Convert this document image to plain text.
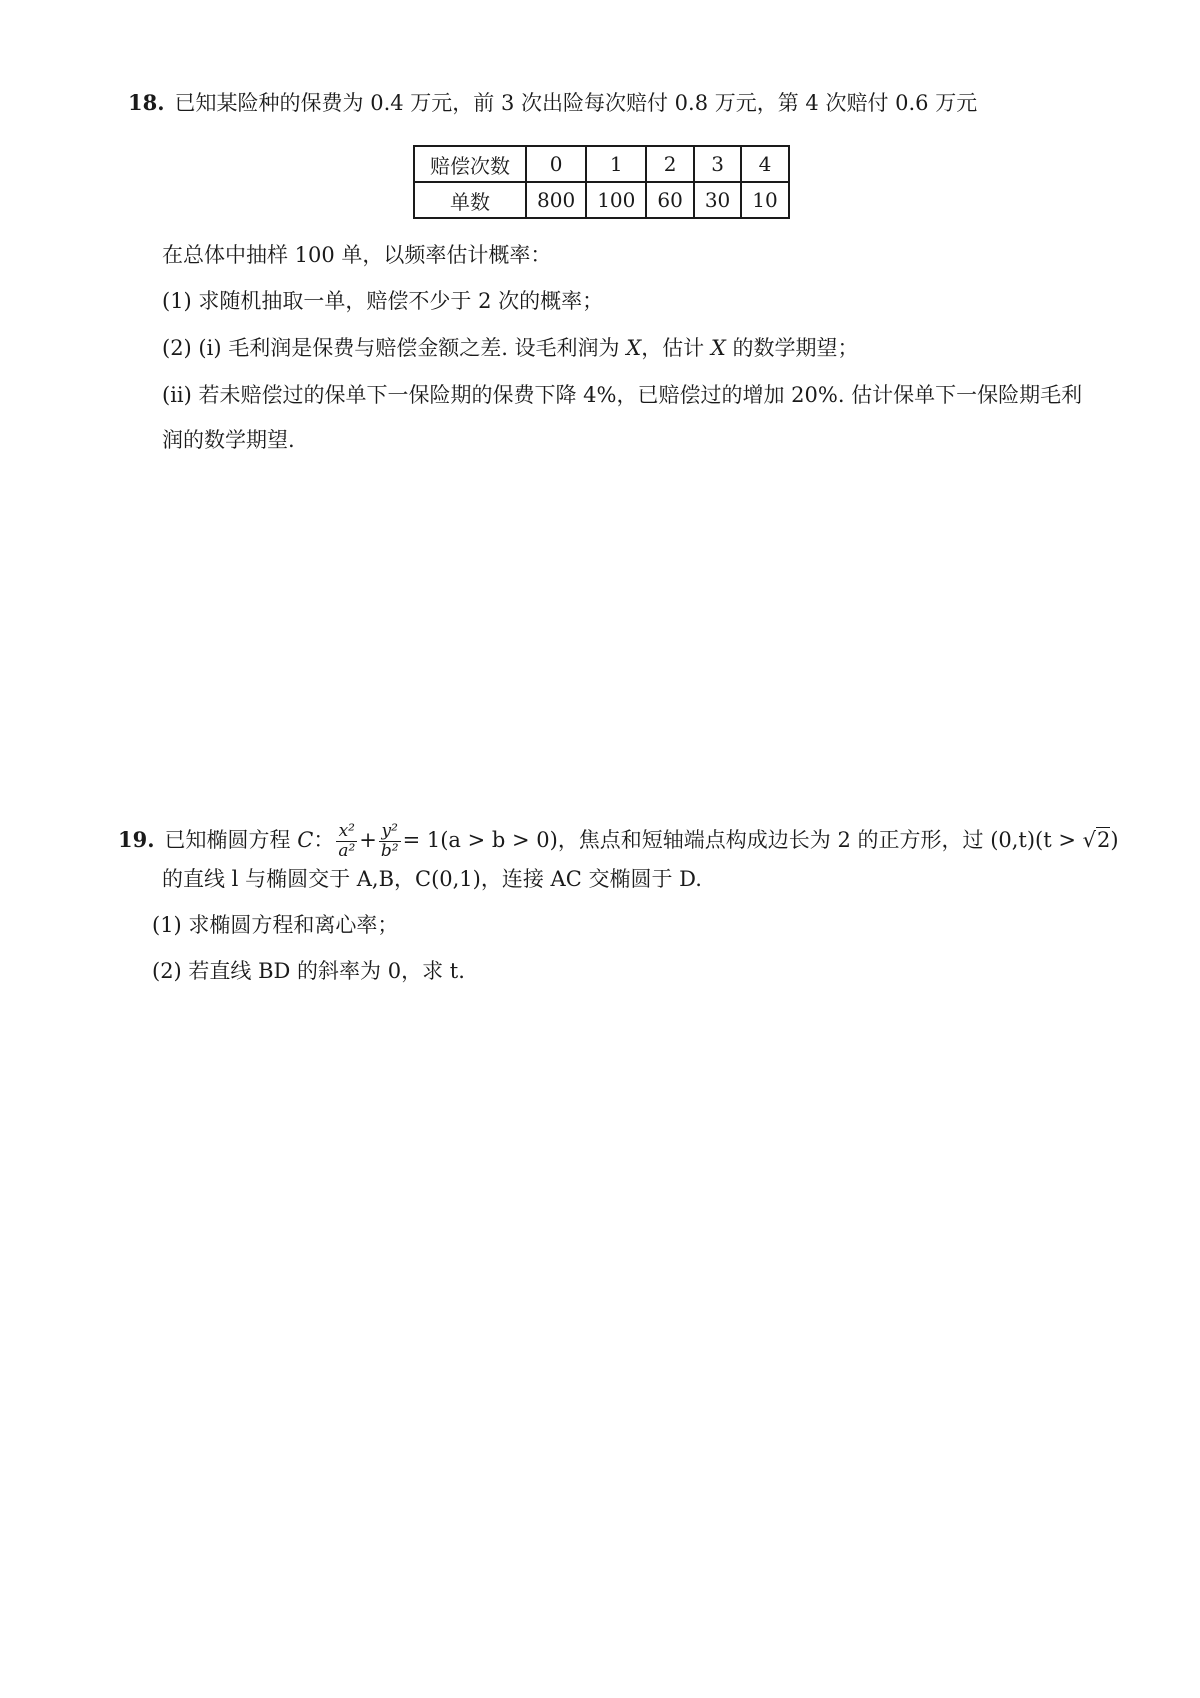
18. 已知某险种的保费为 0.4 万元，前 3 次出险每次赔付 0.8 万元，第 4 次赔付 0.6 万元
赔偿次数	0	1	2	3	4
单数	800	100	60	30	10
在总体中抽样 100 单，以频率估计概率：
(1) 求随机抽取一单，赔偿不少于 2 次的概率；
(2) (i) 毛利润是保费与赔偿金额之差. 设毛利润为 X，估计 X 的数学期望；
(ii) 若未赔偿过的保单下一保险期的保费下降 4%，已赔偿过的增加 20%. 估计保单下一保险期毛利
润的数学期望.
19. 已知椭圆方程 C： $\frac{\text{x²}}{\text{a²}} + \frac{\text{y²}}{\text{b²}} = 1(a > b > 0)$，焦点和短轴端点构成边长为 2 的正方形，过 (0,t)(t > √2)
的直线 l 与椭圆交于 A,B，C(0,1)，连接 AC 交椭圆于 D.
(1) 求椭圆方程和离心率；
(2) 若直线 BD 的斜率为 0，求 t.
